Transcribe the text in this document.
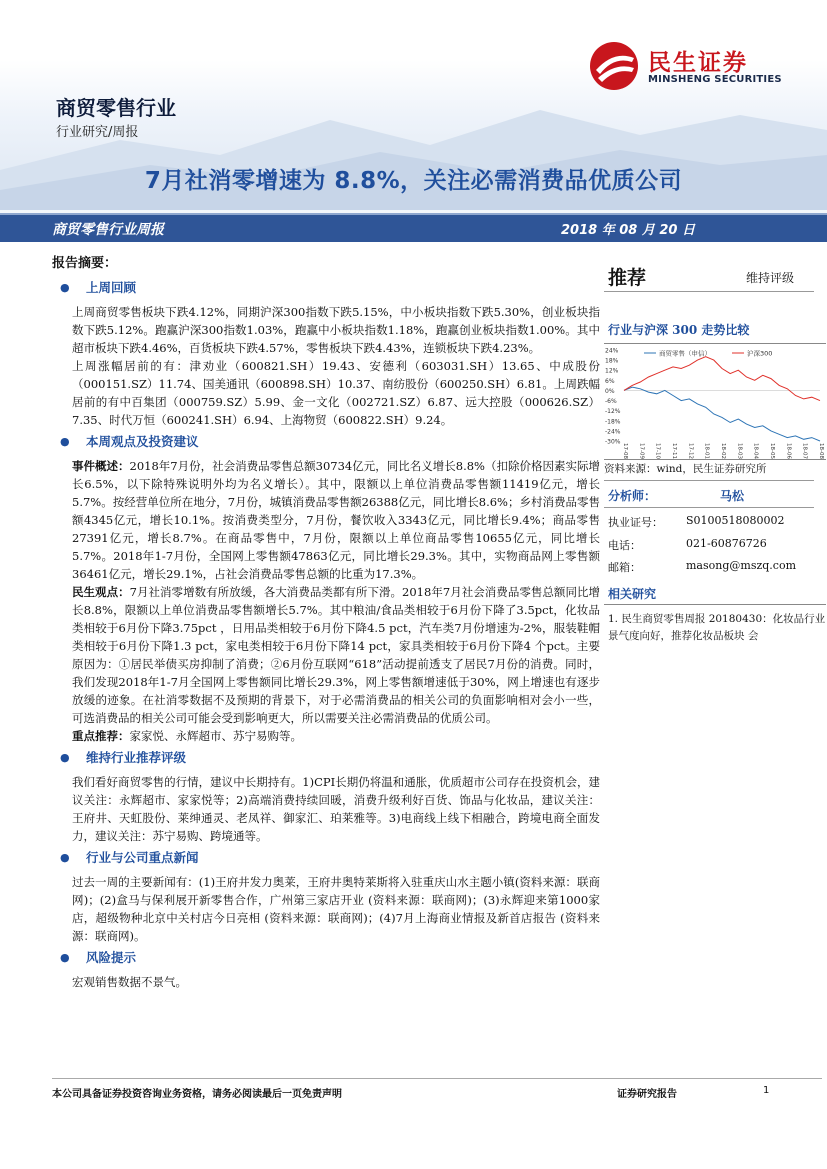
民生证券
MINSHENG SECURITIES
商贸零售行业
行业研究/周报
7月社消零增速为 8.8%，关注必需消费品优质公司
商贸零售行业周报	2018 年 08 月 20 日
报告摘要：
●	上周回顾

上周商贸零售板块下跌4.12%，同期沪深300指数下跌5.15%，中小板块指数下跌5.30%，创业板块指数下跌5.12%。跑赢沪深300指数1.03%，跑赢中小板块指数1.18%，跑赢创业板块指数1.00%。其中超市板块下跌4.46%，百货板块下跌4.57%，零售板块下跌4.43%，连锁板块下跌4.23%。

上周涨幅居前的有：津劝业（600821.SH）19.43、安德利（603031.SH）13.65、中成股份（000151.SZ）11.74、国美通讯（600898.SH）10.37、南纺股份（600250.SH）6.81。上周跌幅居前的有中百集团（000759.SZ）5.99、金一文化（002721.SZ）6.87、远大控股（000626.SZ）7.35、时代万恒（600241.SH）6.94、上海物贸（600822.SH）9.24。

●	本周观点及投资建议

事件概述：2018年7月份，社会消费品零售总额30734亿元，同比名义增长8.8%（扣除价格因素实际增长6.5%，以下除特殊说明外均为名义增长）。其中，限额以上单位消费品零售额11419亿元，增长5.7%。按经营单位所在地分，7月份，城镇消费品零售额26388亿元，同比增长8.6%；乡村消费品零售额4345亿元，增长10.1%。按消费类型分，7月份，餐饮收入3343亿元，同比增长9.4%；商品零售27391亿元，增长8.7%。在商品零售中，7月份，限额以上单位商品零售10655亿元，同比增长5.7%。2018年1-7月份，全国网上零售额47863亿元，同比增长29.3%。其中，实物商品网上零售额36461亿元，增长29.1%，占社会消费品零售总额的比重为17.3%。

民生观点：7月社消零增数有所放缓，各大消费品类都有所下滑。2018年7月社会消费品零售总额同比增长8.8%，限额以上单位消费品零售额增长5.7%。其中粮油/食品类相较于6月份下降了3.5pct，化妆品类相较于6月份下降3.75pct ，日用品类相较于6月份下降4.5 pct，汽车类7月份增速为-2%，服装鞋帽类相较于6月份下降1.3 pct，家电类相较于6月份下降14 pct，家具类相较于6月份下降4 个pct。主要原因为：①居民举债买房抑制了消费；②6月份互联网“618”活动提前透支了居民7月份的消费。同时，我们发现2018年1-7月全国网上零售额同比增长29.3%，网上零售额增速低于30%，网上增速也有逐步放缓的迹象。在社消零数据不及预期的背景下，对于必需消费品的相关公司的负面影响相对会小一些，可选消费品的相关公司可能会受到影响更大，所以需要关注必需消费品的优质公司。

重点推荐：家家悦、永辉超市、苏宁易购等。

●	维持行业推荐评级

我们看好商贸零售的行情，建议中长期持有。1)CPI长期仍将温和通胀，优质超市公司存在投资机会，建议关注：永辉超市、家家悦等；2)高端消费持续回暖，消费升级利好百货、饰品与化妆品，建议关注：王府井、天虹股份、莱绅通灵、老凤祥、御家汇、珀莱雅等。3)电商线上线下相融合，跨境电商全面发力，建议关注：苏宁易购、跨境通等。

●	行业与公司重点新闻

过去一周的主要新闻有：(1)王府井发力奥莱，王府井奥特莱斯将入驻重庆山水主题小镇(资料来源：联商网)；(2)盒马与保利展开新零售合作，广州第三家店开业 (资料来源：联商网)；(3)永辉迎来第1000家店，超级物种北京中关村店今日亮相 (资料来源：联商网)；(4)7月上海商业情报及新首店报告 (资料来源：联商网)。

●	风险提示

宏观销售数据不景气。

推荐	维持评级
行业与沪深 300 走势比较
24%
18%
12%
6%
0%
-6%
-12%
-18%
-24%
-30%
17-08 17-09 17-10 17-11 17-12 18-01 18-02 18-03 18-04 18-05 18-06 18-07 18-08
商贸零售（申信）	沪深300
资料来源：wind，民生证券研究所
分析师：	马松
执业证号： S0100518080002
电话：	021-60876726
邮箱：	masong@mszq.com
相关研究
1. 民生商贸零售周报 20180430：化妆品行业景气度向好，推荐化妆品板块 会
本公司具备证券投资咨询业务资格，请务必阅读最后一页免责声明	证券研究报告	1
